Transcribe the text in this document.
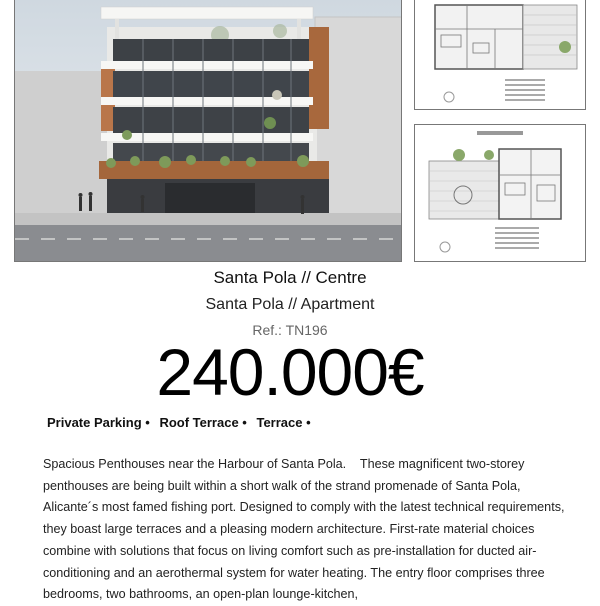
Santa Pola // Centre
Santa Pola // Apartment
Ref.: TN196
240.000€
Private Parking • Roof Terrace • Terrace •

Spacious Penthouses near the Harbour of Santa Pola.    These magnificent two-storey penthouses are being built within a short walk of the strand promenade of Santa Pola, Alicante´s most famed fishing port. Designed to comply with the latest technical requirements, they boast large terraces and a pleasing modern architecture. First-rate material choices combine with solutions that focus on living comfort such as pre-installation for ducted air-conditioning and an aerothermal system for water heating. The entry floor comprises three bedrooms, two bathrooms, an open-plan lounge-kitchen,
